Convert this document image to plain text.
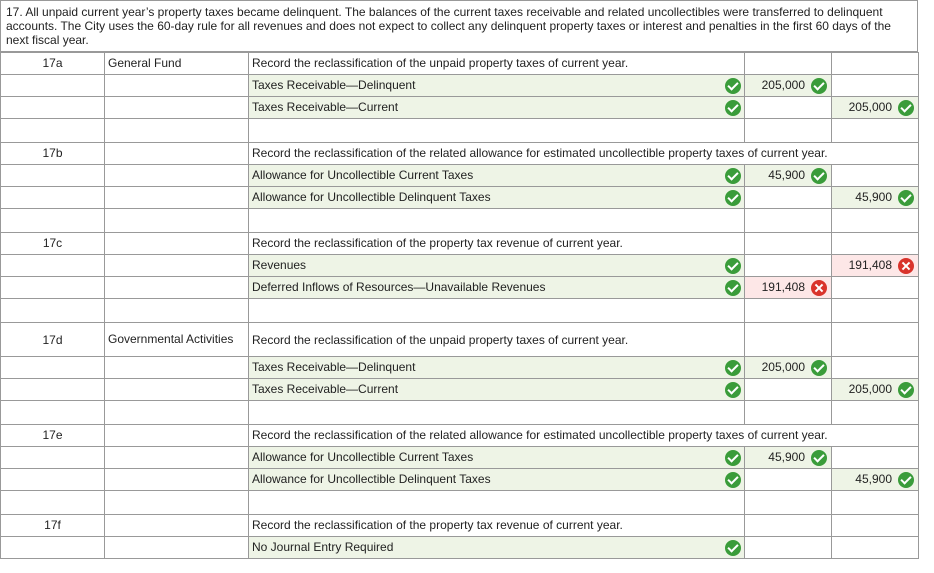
17. All unpaid current year’s property taxes became delinquent. The balances of the current taxes receivable and related uncollectibles were transferred to delinquent accounts. The City uses the 60-day rule for all revenues and does not expect to collect any delinquent property taxes or interest and penalties in the first 60 days of the next fiscal year.
17a	General Fund	Record the reclassification of the unpaid property taxes of current year.		
		Taxes Receivable—Delinquent	205,000	
		Taxes Receivable—Current		205,000

17b		Record the reclassification of the related allowance for estimated uncollectible property taxes of current year.		
		Allowance for Uncollectible Current Taxes	45,900	
		Allowance for Uncollectible Delinquent Taxes		45,900

17c		Record the reclassification of the property tax revenue of current year.		
		Revenues		191,408
		Deferred Inflows of Resources—Unavailable Revenues	191,408	

17d	Governmental Activities	Record the reclassification of the unpaid property taxes of current year.		
		Taxes Receivable—Delinquent	205,000	
		Taxes Receivable—Current		205,000

17e		Record the reclassification of the related allowance for estimated uncollectible property taxes of current year.		
		Allowance for Uncollectible Current Taxes	45,900	
		Allowance for Uncollectible Delinquent Taxes		45,900

17f		Record the reclassification of the property tax revenue of current year.		
		No Journal Entry Required
